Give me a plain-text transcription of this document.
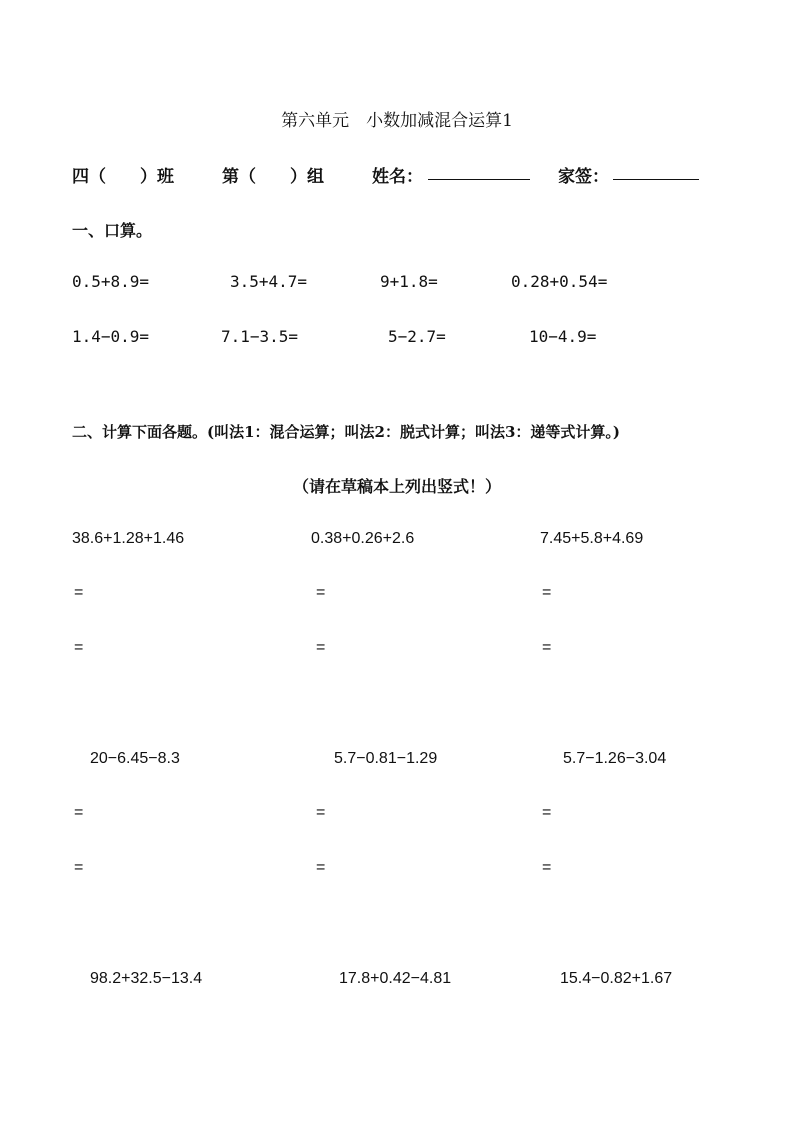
第六单元　小数加减混合运算1
四（　　）班	第（　　）组	姓名：	家签：
一、口算。
0.5+8.9=	3.5+4.7=	9+1.8=	0.28+0.54=
1.4−0.9=	7.1−3.5=	5−2.7=	10−4.9=
二、计算下面各题。(叫法1：混合运算；叫法2：脱式计算；叫法3：递等式计算。)
（请在草稿本上列出竖式！）
38.6+1.28+1.46	0.38+0.26+2.6	7.45+5.8+4.69
=	=	=
=	=	=
20−6.45−8.3	5.7−0.81−1.29	5.7−1.26−3.04
=	=	=
=	=	=
98.2+32.5−13.4	17.8+0.42−4.81	15.4−0.82+1.67
